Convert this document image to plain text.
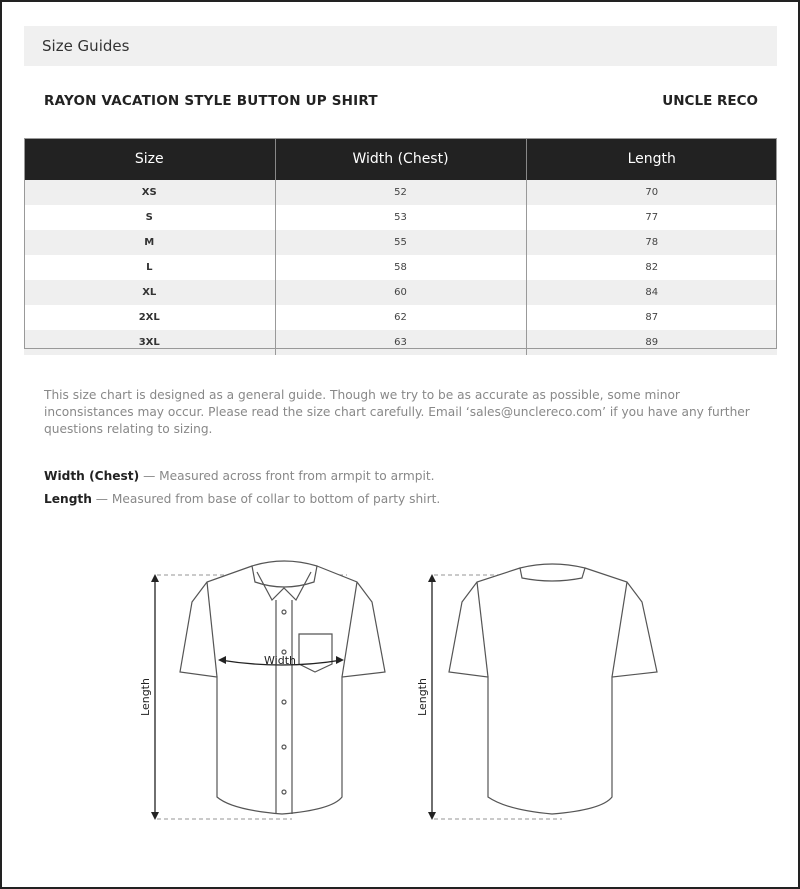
Size Guides
RAYON VACATION STYLE BUTTON UP SHIRT	UNCLE RECO
Size	Width (Chest)	Length
XS	52	70
S	53	77
M	55	78
L	58	82
XL	60	84
2XL	62	87
3XL	63	89
This size chart is designed as a general guide. Though we try to be as accurate as possible, some minor inconsistances may occur. Please read the size chart carefully. Email ‘sales@unclereco.com’ if you have any further questions relating to sizing.
Width (Chest) — Measured across front from armpit to armpit.
Length — Measured from base of collar to bottom of party shirt.
Width
Length	Length
